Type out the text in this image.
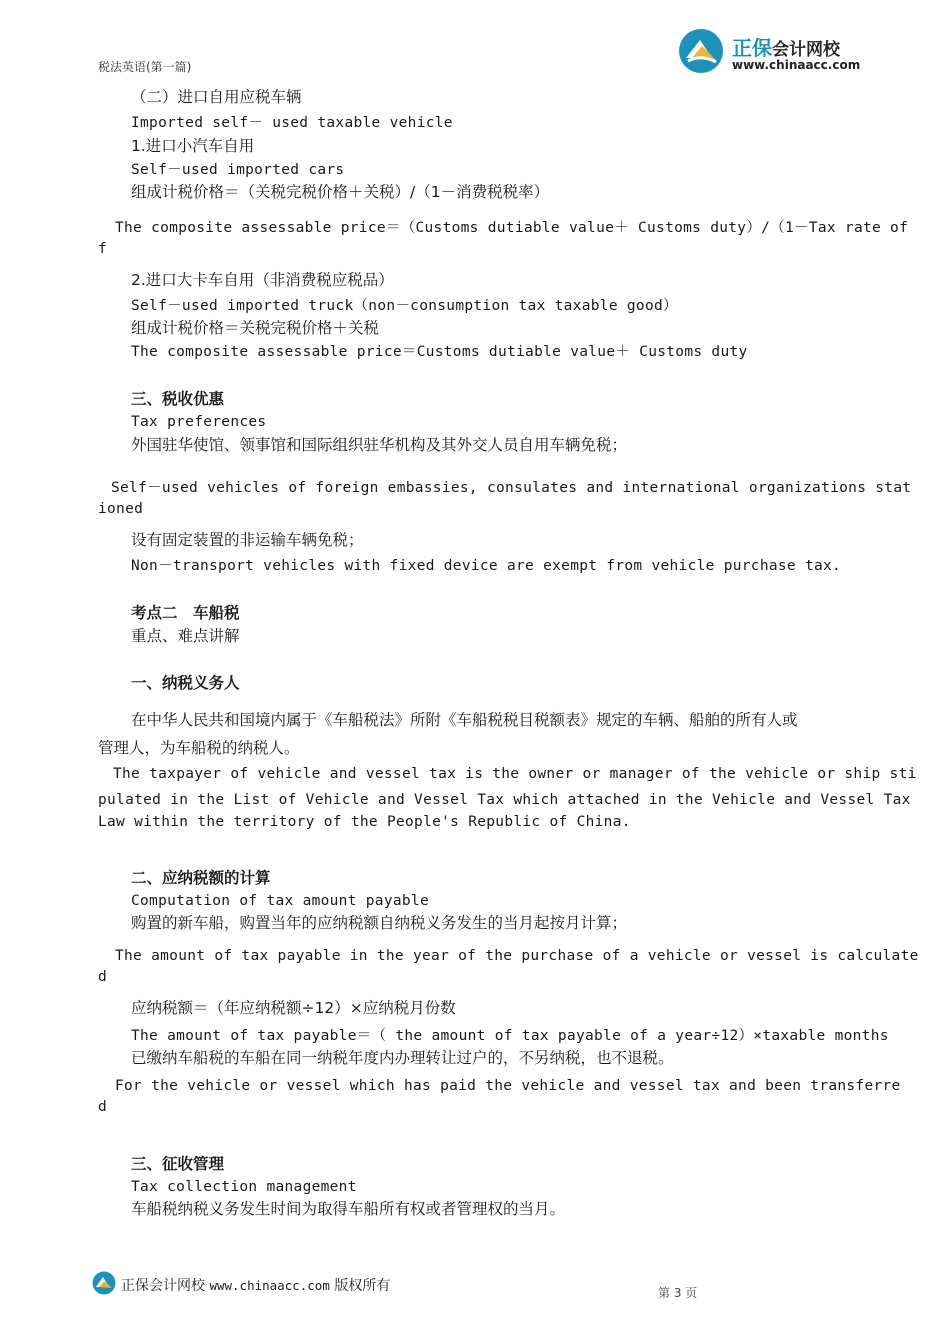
正保会计网校
www.chinaacc.com
税法英语(第一篇)
（二）进口自用应税车辆
Imported self－ used taxable vehicle
1.进口小汽车自用
Self－used imported cars
组成计税价格＝（关税完税价格＋关税）/（1－消费税税率）
The composite assessable price＝（Customs dutiable value＋ Customs duty）/（1－Tax rate of
f
2.进口大卡车自用（非消费税应税品）
Self－used imported truck（non－consumption tax taxable good）
组成计税价格＝关税完税价格＋关税
The composite assessable price＝Customs dutiable value＋ Customs duty
三、税收优惠
Tax preferences
外国驻华使馆、领事馆和国际组织驻华机构及其外交人员自用车辆免税；
Self－used vehicles of foreign embassies, consulates and international organizations stat
ioned
设有固定装置的非运输车辆免税；
Non－transport vehicles with fixed device are exempt from vehicle purchase tax.
考点二　车船税
重点、难点讲解
一、纳税义务人
在中华人民共和国境内属于《车船税法》所附《车船税税目税额表》规定的车辆、船舶的所有人或
管理人，为车船税的纳税人。
The taxpayer of vehicle and vessel tax is the owner or manager of the vehicle or ship sti
pulated in the List of Vehicle and Vessel Tax which attached in the Vehicle and Vessel Tax
Law within the territory of the People's Republic of China.
二、应纳税额的计算
Computation of tax amount payable
购置的新车船，购置当年的应纳税额自纳税义务发生的当月起按月计算；
The amount of tax payable in the year of the purchase of a vehicle or vessel is calculate
d
应纳税额＝（年应纳税额÷12）×应纳税月份数
The amount of tax payable＝（ the amount of tax payable of a year÷12）×taxable months
已缴纳车船税的车船在同一纳税年度内办理转让过户的，不另纳税，也不退税。
For the vehicle or vessel which has paid the vehicle and vessel tax and been transferre
d
三、征收管理
Tax collection management
车船税纳税义务发生时间为取得车船所有权或者管理权的当月。
正保会计网校 www.chinaacc.com 版权所有	第 3 页
